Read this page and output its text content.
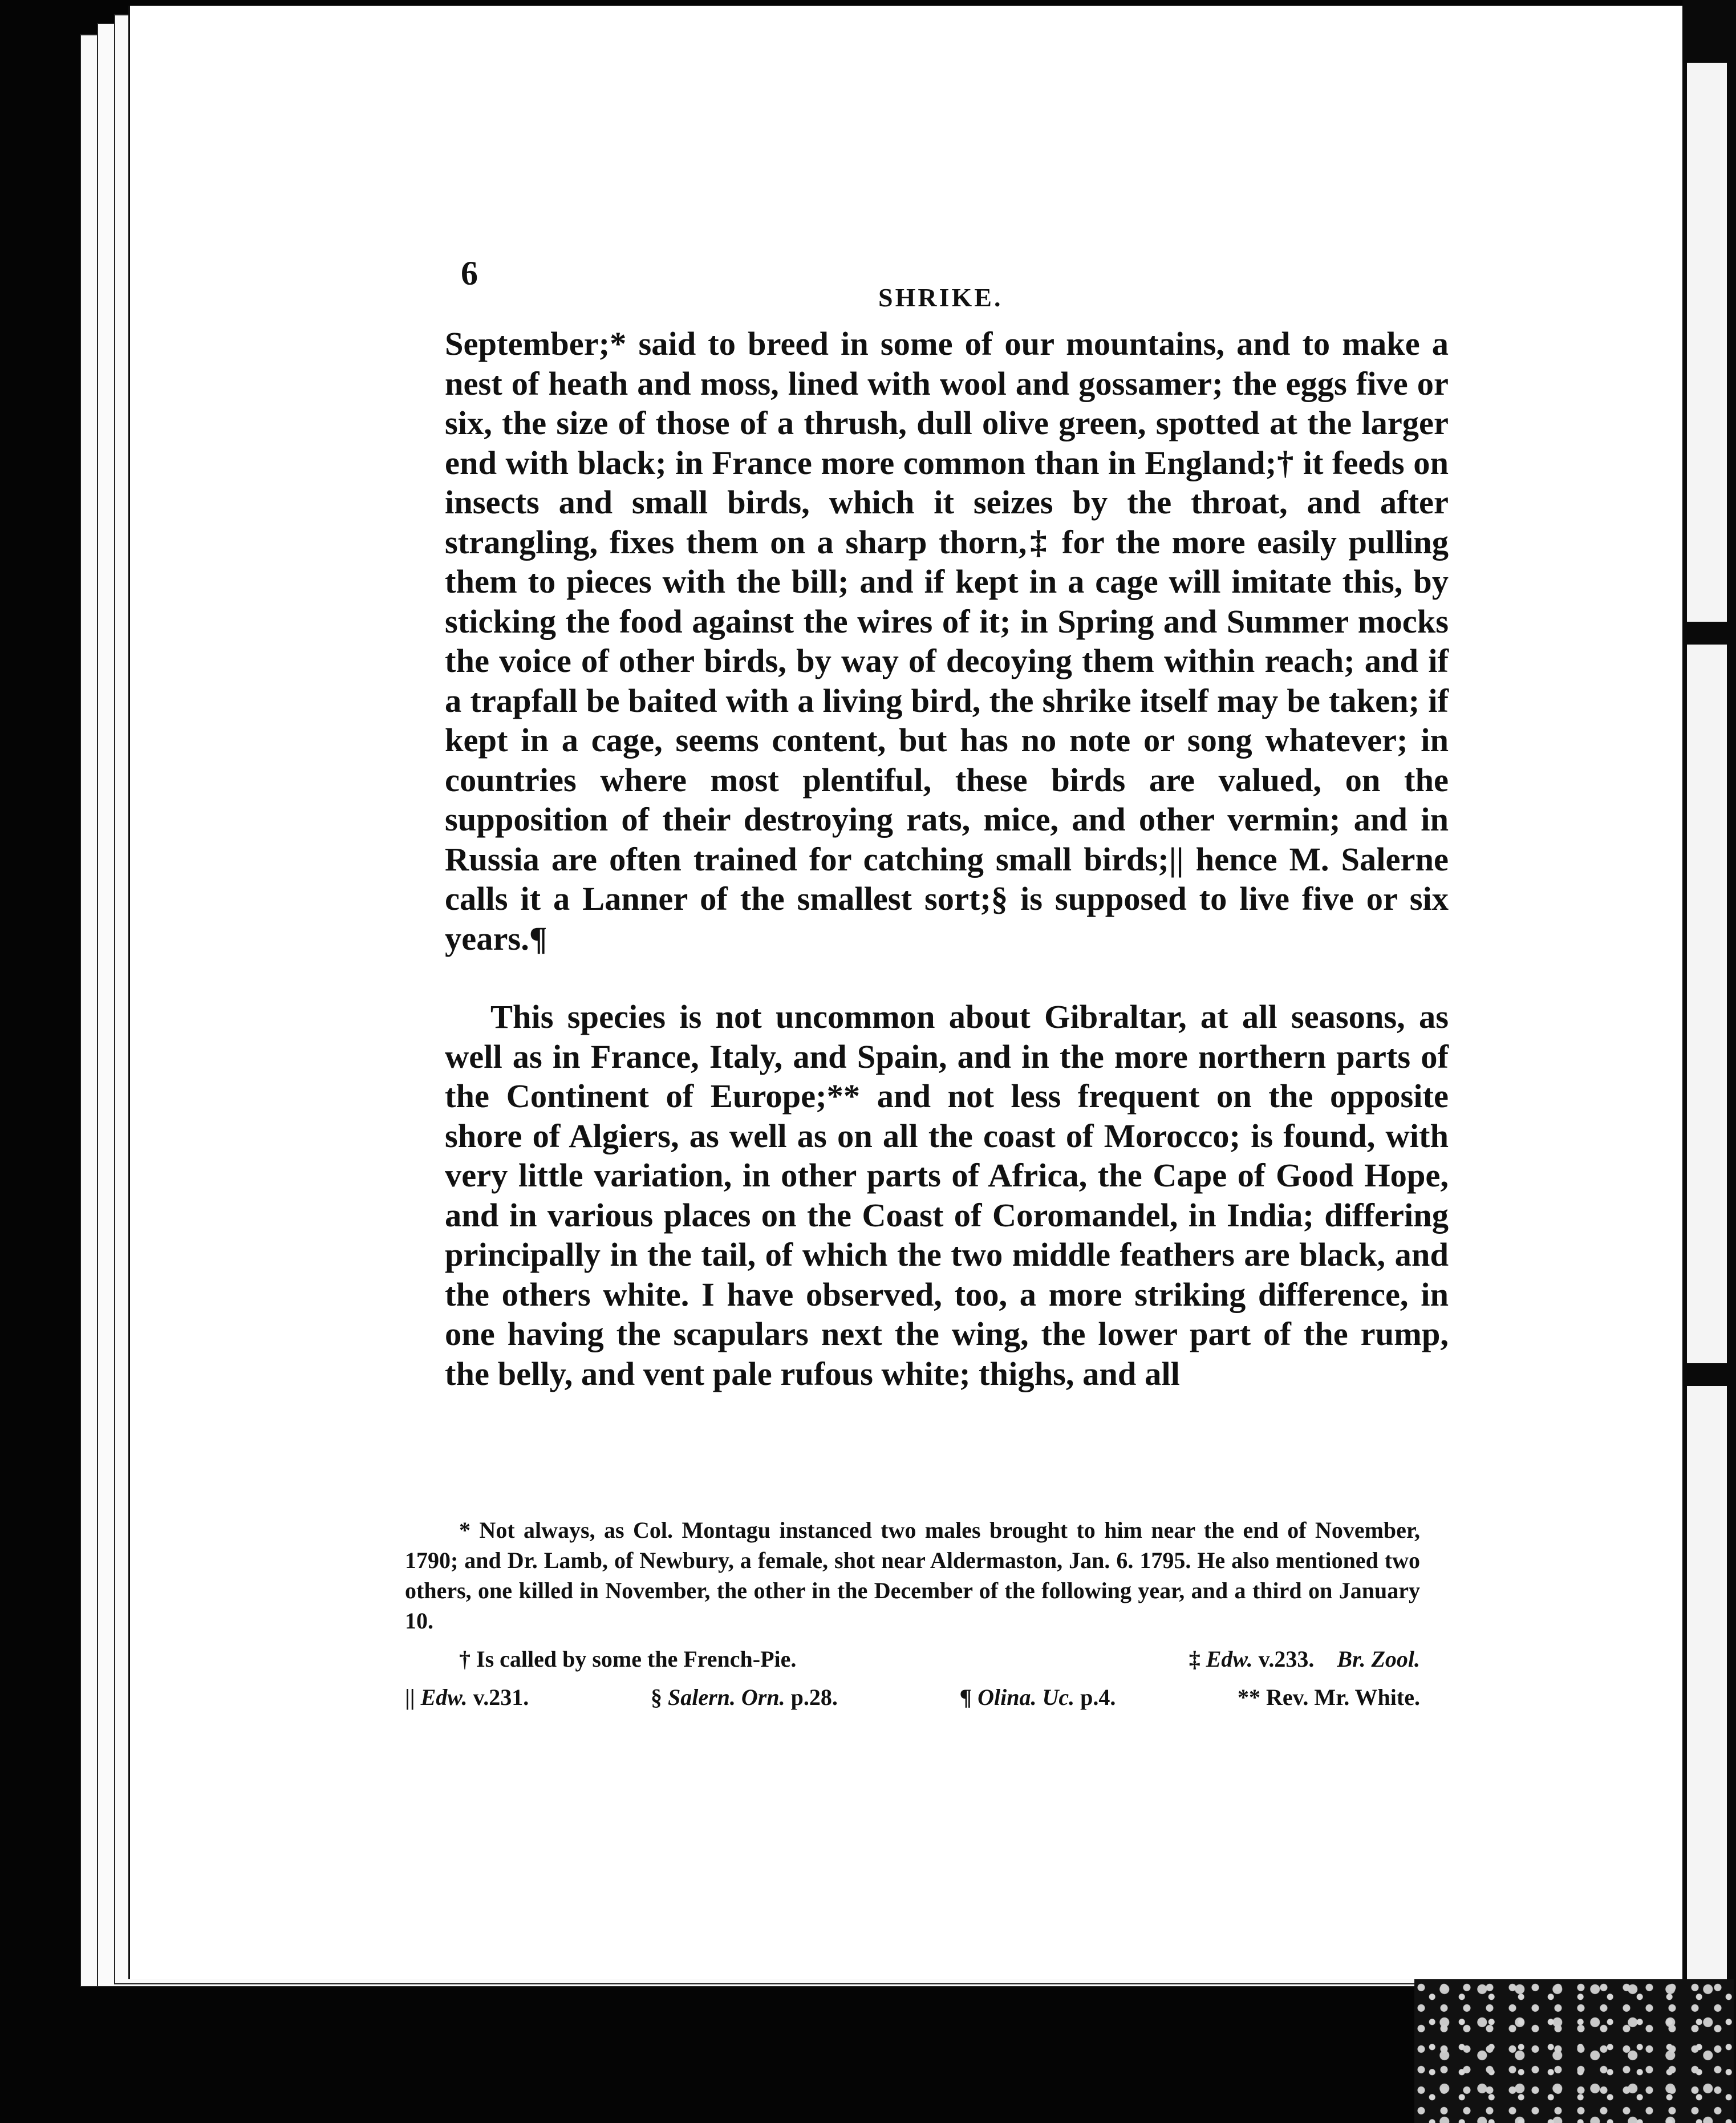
6
SHRIKE.
September;* said to breed in some of our mountains, and to make a nest of heath and moss, lined with wool and gossamer; the eggs five or six, the size of those of a thrush, dull olive green, spotted at the larger end with black; in France more common than in England;† it feeds on insects and small birds, which it seizes by the throat, and after strangling, fixes them on a sharp thorn,‡ for the more easily pulling them to pieces with the bill; and if kept in a cage will imitate this, by sticking the food against the wires of it; in Spring and Summer mocks the voice of other birds, by way of decoying them within reach; and if a trapfall be baited with a living bird, the shrike itself may be taken; if kept in a cage, seems content, but has no note or song whatever; in countries where most plentiful, these birds are valued, on the supposition of their destroying rats, mice, and other vermin; and in Russia are often trained for catching small birds;|| hence M. Salerne calls it a Lanner of the smallest sort;§ is supposed to live five or six years.¶
This species is not uncommon about Gibraltar, at all seasons, as well as in France, Italy, and Spain, and in the more northern parts of the Continent of Europe;** and not less frequent on the opposite shore of Algiers, as well as on all the coast of Morocco; is found, with very little variation, in other parts of Africa, the Cape of Good Hope, and in various places on the Coast of Coromandel, in India; differing principally in the tail, of which the two middle feathers are black, and the others white. I have observed, too, a more striking difference, in one having the scapulars next the wing, the lower part of the rump, the belly, and vent pale rufous white; thighs, and all
* Not always, as Col. Montagu instanced two males brought to him near the end of November, 1790; and Dr. Lamb, of Newbury, a female, shot near Aldermaston, Jan. 6. 1795. He also mentioned two others, one killed in November, the other in the December of the following year, and a third on January 10.
† Is called by some the French-Pie.	‡ Edw. v.233. Br. Zool.
|| Edw. v.231.	§ Salern. Orn. p.28.	¶ Olina. Uc. p.4.	** Rev. Mr. White.
